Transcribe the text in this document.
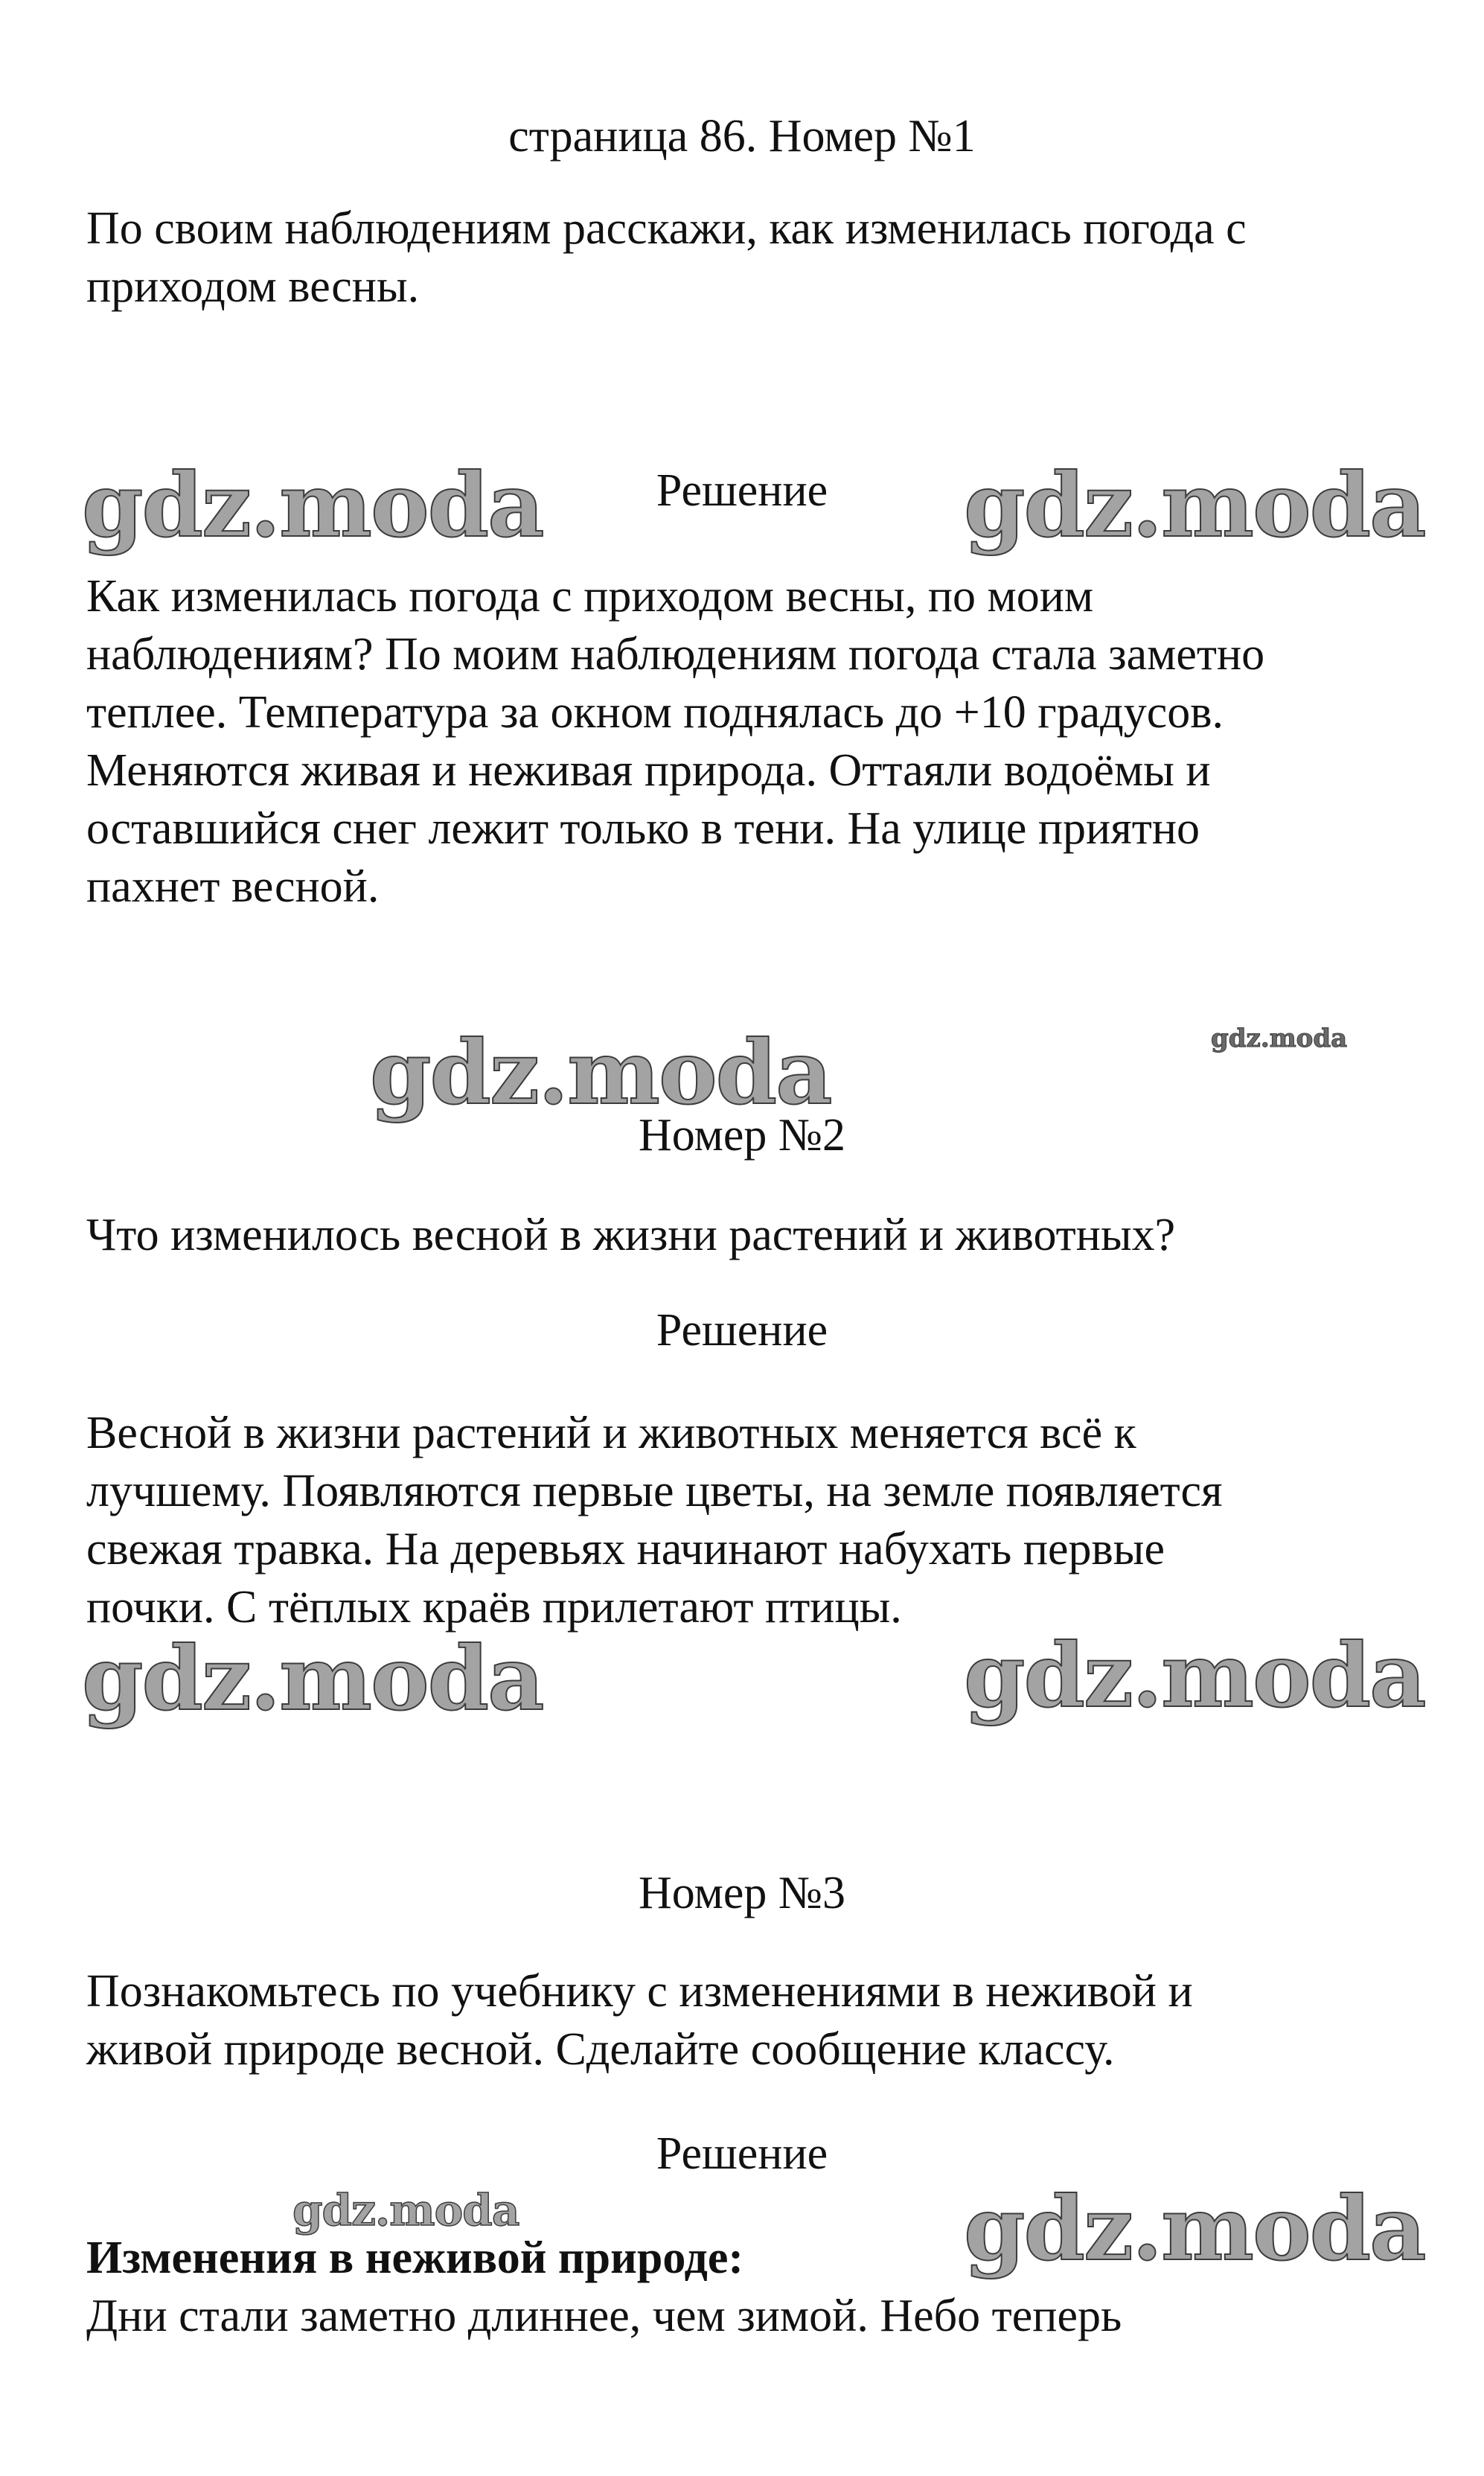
страница 86. Номер №1
По своим наблюдениям расскажи, как изменилась погода с
приходом весны.
gdz.moda	Решение	gdz.moda
Как изменилась погода с приходом весны, по моим
наблюдениям? По моим наблюдениям погода стала заметно
теплее. Температура за окном поднялась до +10 градусов.
Меняются живая и неживая природа. Оттаяли водоёмы и
оставшийся снег лежит только в тени. На улице приятно
пахнет весной.
gdz.moda	gdz.moda
Номер №2
Что изменилось весной в жизни растений и животных?
Решение
Весной в жизни растений и животных меняется всё к
лучшему. Появляются первые цветы, на земле появляется
свежая травка. На деревьях начинают набухать первые
почки. С тёплых краёв прилетают птицы.
gdz.moda	gdz.moda
Номер №3
Познакомьтесь по учебнику с изменениями в неживой и
живой природе весной. Сделайте сообщение классу.
Решение
gdz.moda	gdz.moda
Изменения в неживой природе:
Дни стали заметно длиннее, чем зимой. Небо теперь
